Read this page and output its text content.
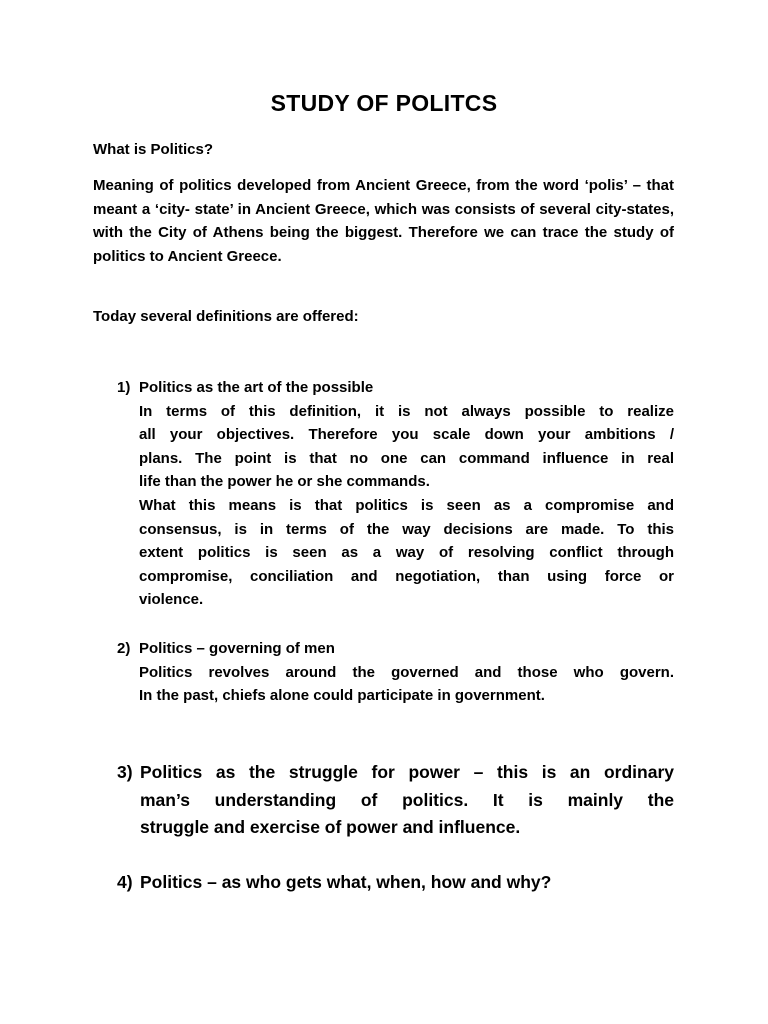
STUDY OF POLITCS

What is Politics?

Meaning of politics developed from Ancient Greece, from the word ‘polis’ – that meant a ‘city- state’ in Ancient Greece, which was consists of several city-states, with the City of Athens being the biggest. Therefore we can trace the study of politics to Ancient Greece.

Today several definitions are offered:

1) Politics as the art of the possible
In terms of this definition, it is not always possible to realize
all your objectives. Therefore you scale down your ambitions /
plans. The point is that no one can command influence in real
life than the power he or she commands.
What this means is that politics is seen as a compromise and
consensus, is in terms of the way decisions are made. To this
extent politics is seen as a way of resolving conflict through
compromise, conciliation and negotiation, than using force or
violence.
2) Politics – governing of men
Politics revolves around the governed and those who govern.
In the past, chiefs alone could participate in government.
3) Politics as the struggle for power – this is an ordinary
man’s understanding of politics. It is mainly the
struggle and exercise of power and influence.
4) Politics – as who gets what, when, how and why?
